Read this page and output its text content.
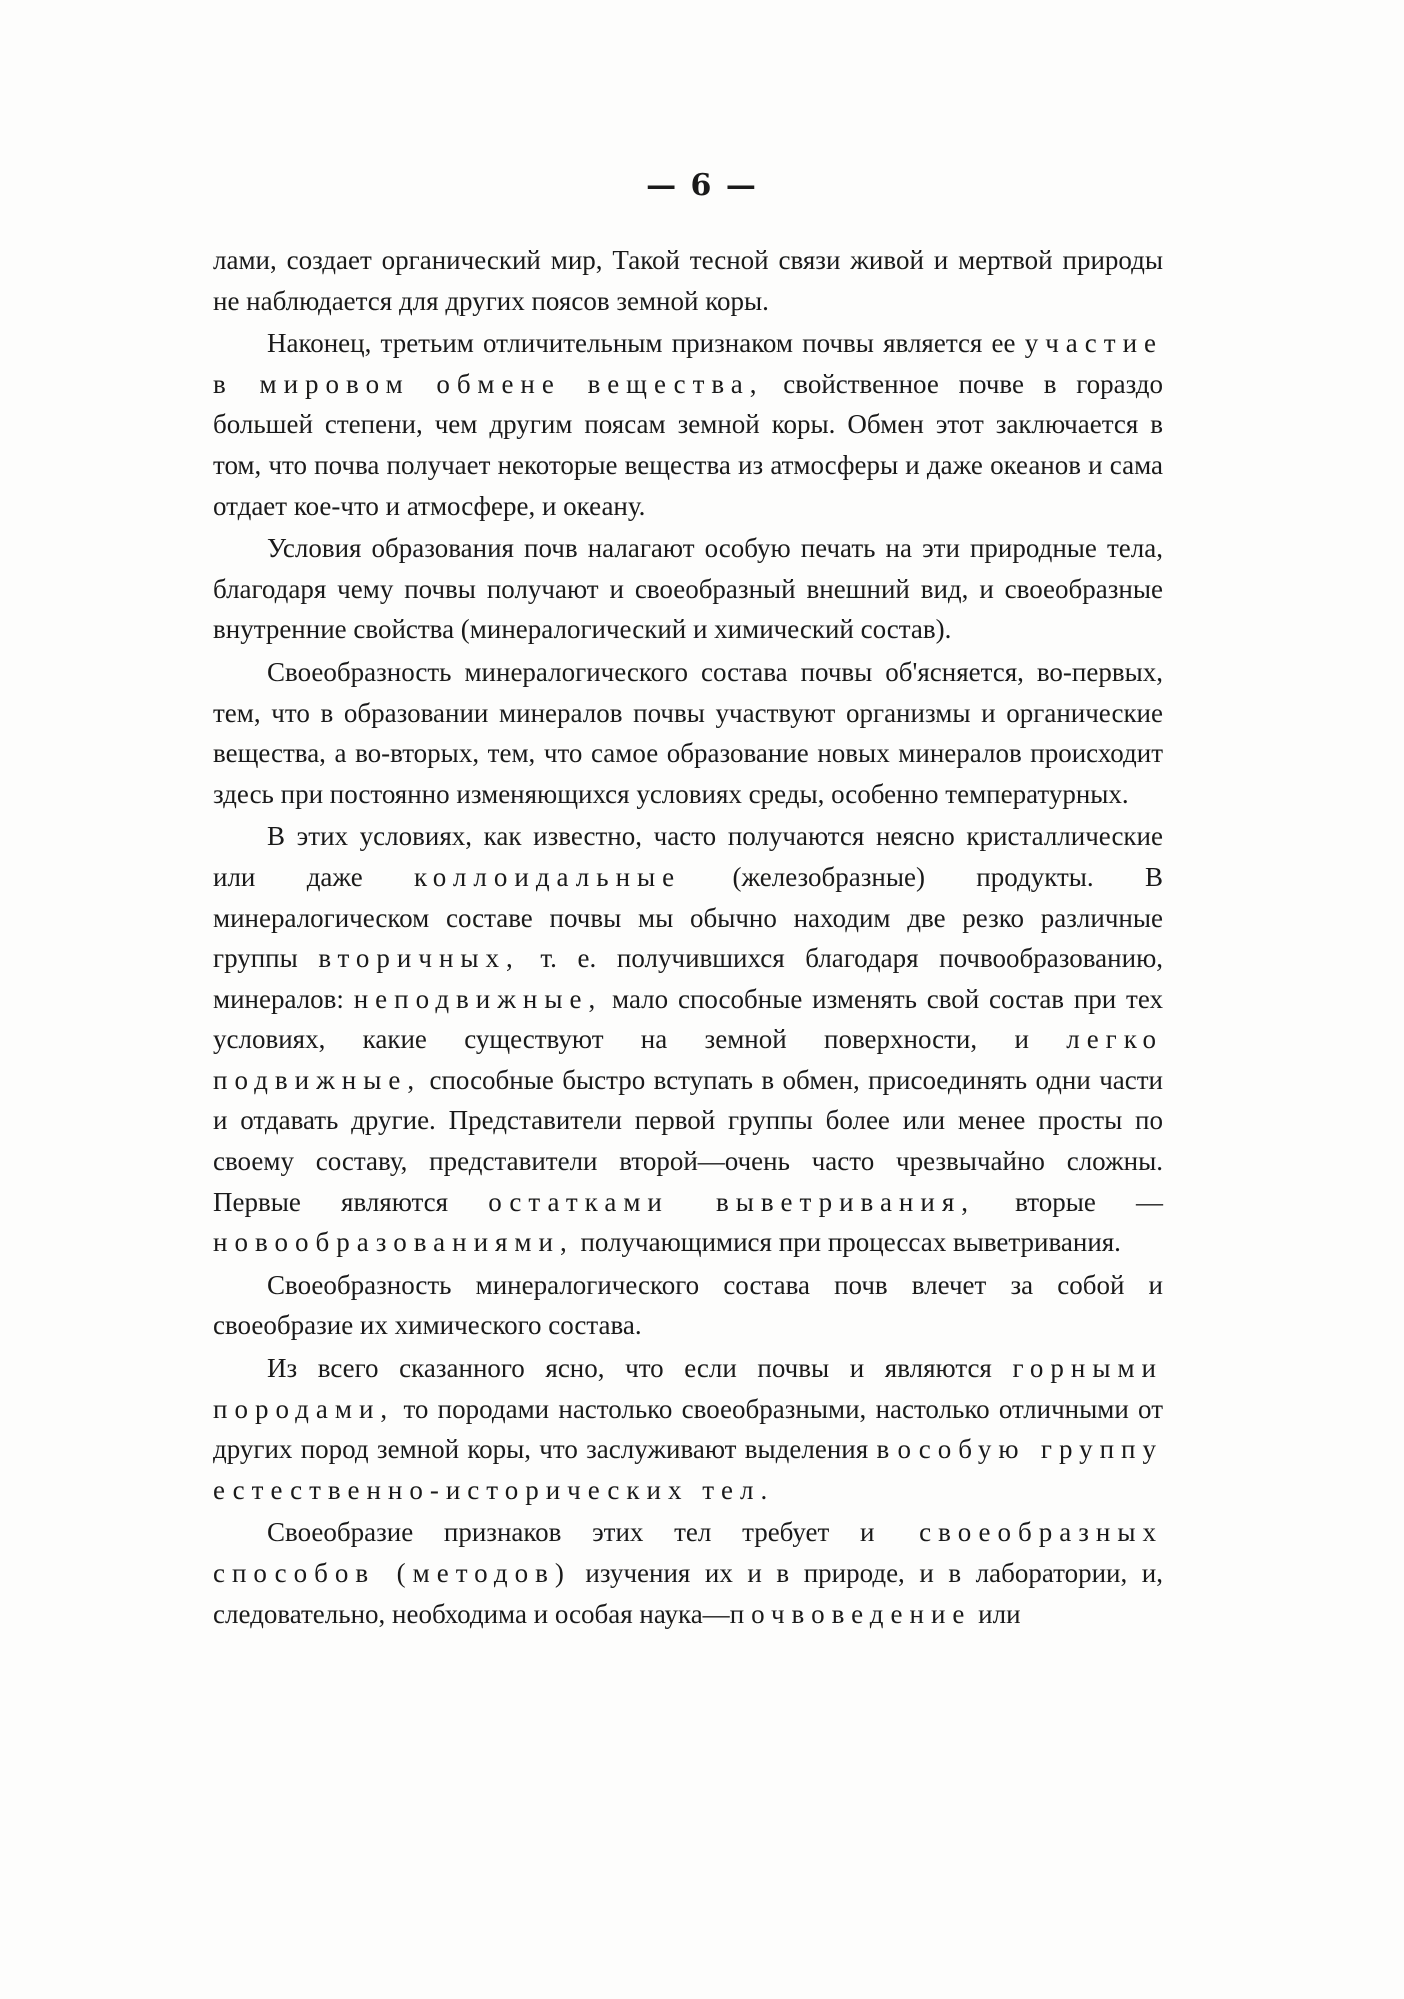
— 6 —

лами, создает органический мир, Такой тесной связи живой и мертвой природы не наблюдается для других поясов земной коры.

Наконец, третьим отличительным признаком почвы является ее участие в мировом обмене вещества, свойственное почве в гораздо большей степени, чем другим поясам земной коры. Обмен этот заключается в том, что почва получает некоторые вещества из атмосферы и даже океанов и сама отдает кое-что и атмосфере, и океану.

Условия образования почв налагают особую печать на эти природные тела, благодаря чему почвы получают и своеобразный внешний вид, и своеобразные внутренние свойства (минералогический и химический состав).

Своеобразность минералогического состава почвы об'ясняется, во-первых, тем, что в образовании минералов почвы участвуют организмы и органические вещества, а во-вторых, тем, что самое образование новых минералов происходит здесь при постоянно изменяющихся условиях среды, особенно температурных.

В этих условиях, как известно, часто получаются неясно кристаллические или даже коллоидальные (железобразные) продукты. В минералогическом составе почвы мы обычно находим две резко различные группы вторичных, т. е. получившихся благодаря почвообразованию, минералов: неподвижные, мало способные изменять свой состав при тех условиях, какие существуют на земной поверхности, и легко подвижные, способные быстро вступать в обмен, присоединять одни части и отдавать другие. Представители первой группы более или менее просты по своему составу, представители второй—очень часто чрезвычайно сложны. Первые являются остатками выветривания, вторые — новообразованиями, получающимися при процессах выветривания.

Своеобразность минералогического состава почв влечет за собой и своеобразие их химического состава.

Из всего сказанного ясно, что если почвы и являются горными породами, то породами настолько своеобразными, настолько отличными от других пород земной коры, что заслуживают выделения в особую группу естественно-исторических тел.

Своеобразие признаков этих тел требует и своеобразных способов (методов) изучения их и в природе, и в лаборатории, и, следовательно, необходима и особая наука—почвоведение или
